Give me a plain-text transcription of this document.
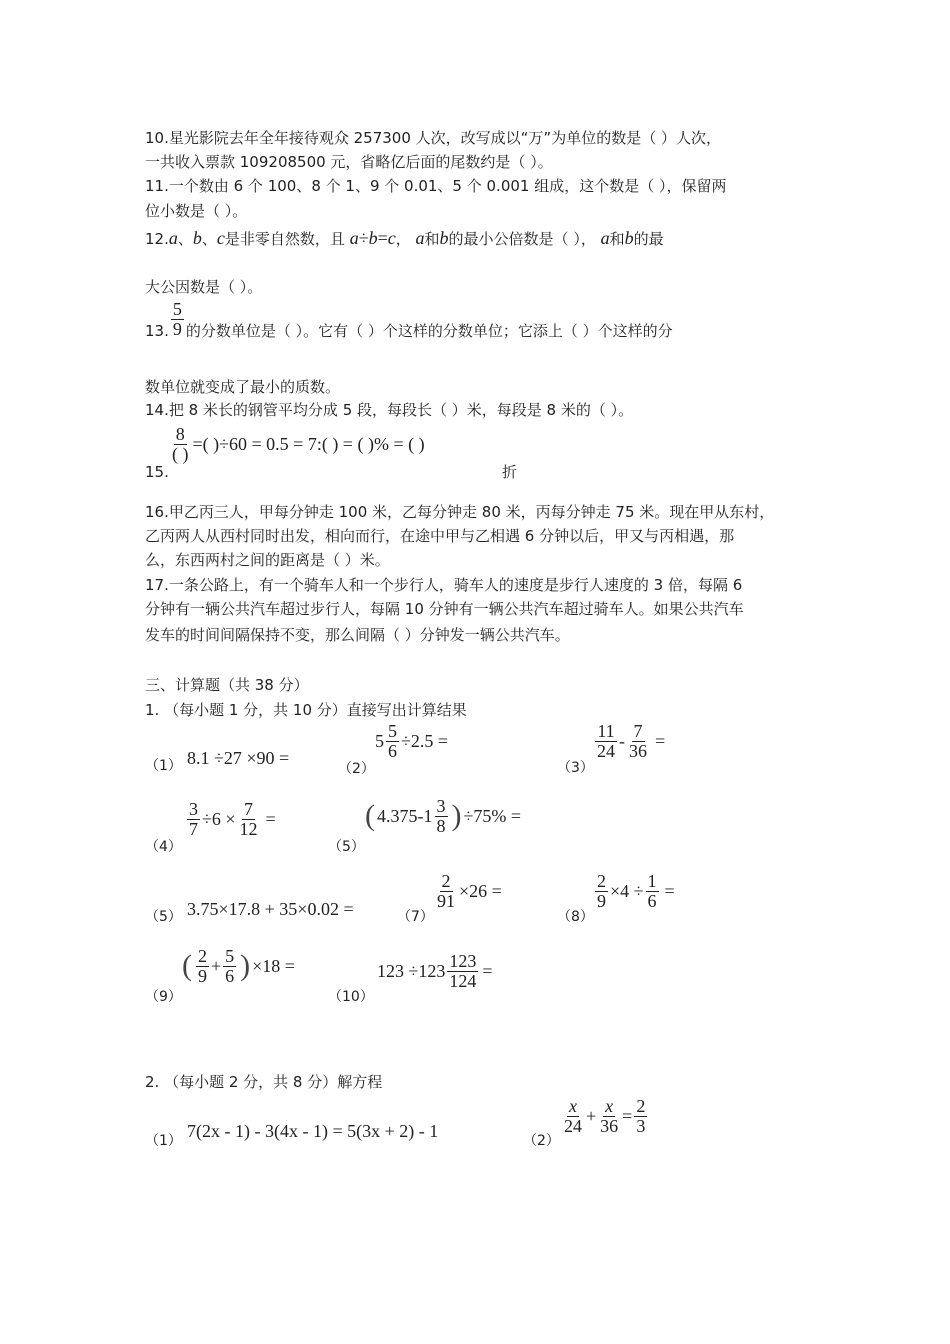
10.星光影院去年全年接待观众 257300 人次，改写成以“万”为单位的数是（ ）人次，
一共收入票款 109208500 元，省略亿后面的尾数约是（ ）。
11.一个数由 6 个 100、8 个 1、9 个 0.01、5 个 0.001 组成，这个数是（ ），保留两
位小数是（ ）。
12.a、b、c是非零自然数，且 a÷b=c， a和b的最小公倍数是（ ）， a和b的最
大公因数是（ ）。
13. $\frac{5}{9}$ 的分数单位是（ ）。它有（ ）个这样的分数单位；它添上（ ）个这样的分
数单位就变成了最小的质数。
14.把 8 米长的钢管平均分成 5 段，每段长（ ）米，每段是 8 米的（ ）。
15.
$\frac{8}{( )}$ =( )÷60 = 0.5 = 7:( ) = ( )% = ( )
折
16.甲乙丙三人，甲每分钟走 100 米，乙每分钟走 80 米，丙每分钟走 75 米。现在甲从东村，
乙丙两人从西村同时出发，相向而行，在途中甲与乙相遇 6 分钟以后，甲又与丙相遇，那
么，东西两村之间的距离是（ ）米。
17.一条公路上，有一个骑车人和一个步行人，骑车人的速度是步行人速度的 3 倍，每隔 6
分钟有一辆公共汽车超过步行人，每隔 10 分钟有一辆公共汽车超过骑车人。如果公共汽车
发车的时间间隔保持不变，那么间隔（ ）分钟发一辆公共汽车。
三、计算题（共 38 分）
1. （每小题 1 分，共 10 分）直接写出计算结果
（1） 8.1 ÷27 ×90 =
（2）
$5 \frac{5}{6} \div 2.5$ =
（3）
$\frac{11}{24} - \frac{7}{36}$ =
（4）
$\frac{3}{7} \div 6 \times \frac{7}{12}$ =
（5）
( $4.375-1 \frac{3}{8}$ ) ÷75% =
（5） 3.75×17.8 + 35×0.02 =	（7）
$\frac{2}{91} \times 26$ =
（8）
$\frac{2}{9} \times 4 \div \frac{1}{6}$ =
（9）
( $\frac{2}{9} + \frac{5}{6}$ ) ×18 =
（10）
$123 \div 123 \frac{123}{124}$ =
2. （每小题 2 分，共 8 分）解方程
（1） 7(2x - 1) - 3(4x - 1) = 5(3x + 2) - 1	（2）
$\frac{x}{24} + \frac{x}{36} = \frac{2}{3}$
